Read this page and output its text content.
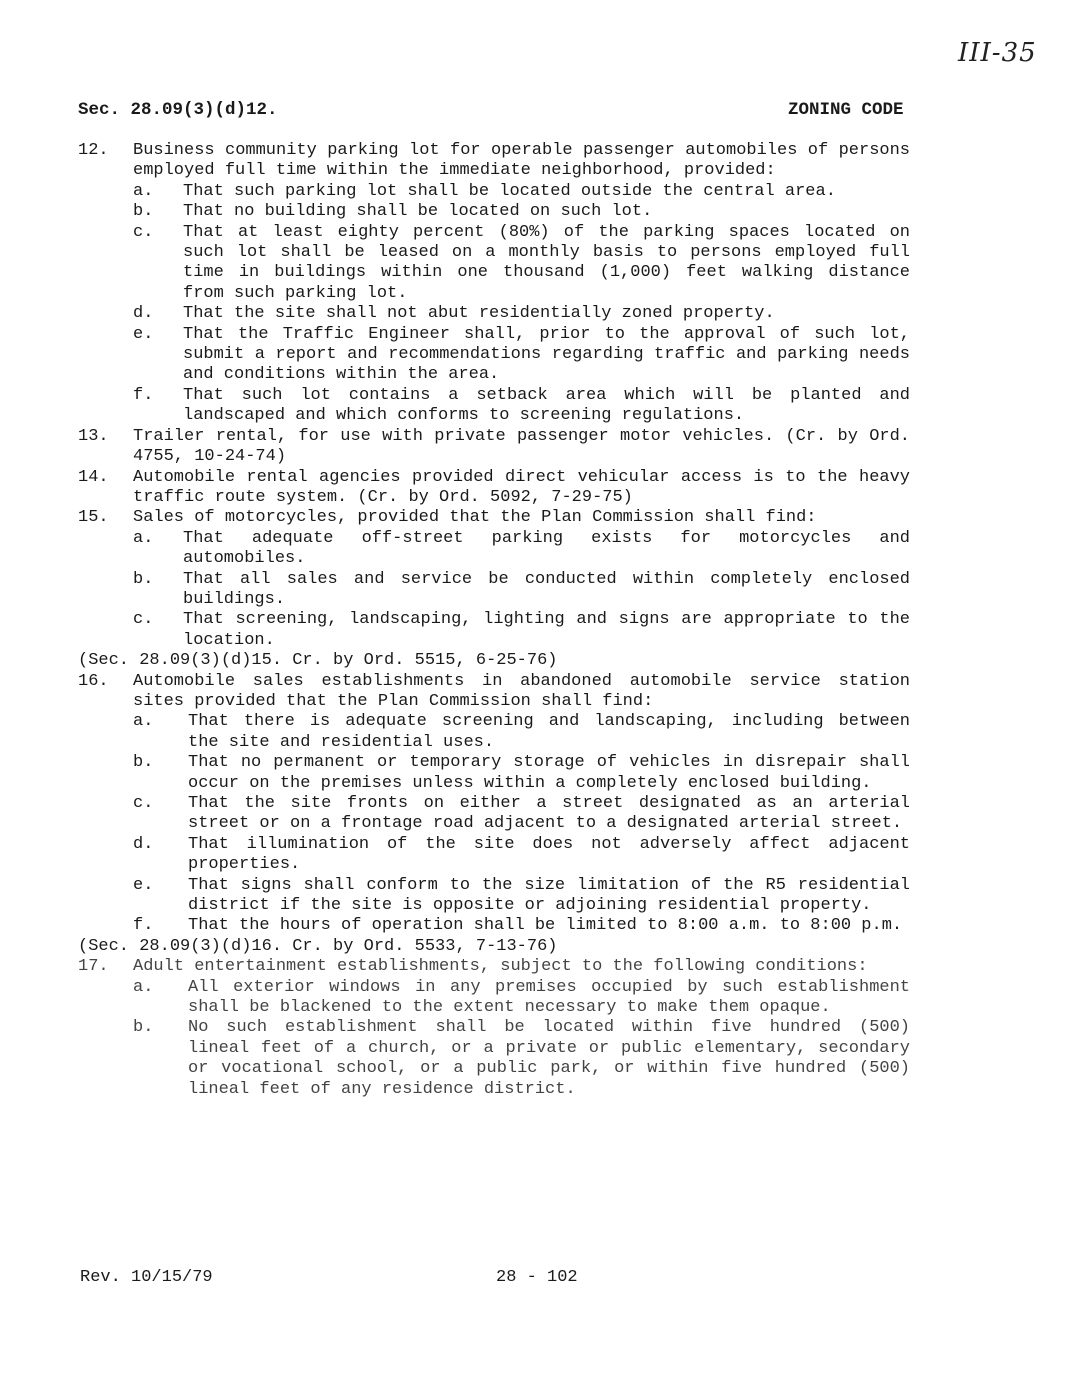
III-35
Sec. 28.09(3)(d)12.	ZONING CODE
12.	Business community parking lot for operable passenger automobiles of persons employed full time within the immediate neighborhood, provided:
a.	That such parking lot shall be located outside the central area.
b.	That no building shall be located on such lot.
c.	That at least eighty percent (80%) of the parking spaces located on such lot shall be leased on a monthly basis to persons employed full time in buildings within one thousand (1,000) feet walking distance from such parking lot.
d.	That the site shall not abut residentially zoned property.
e.	That the Traffic Engineer shall, prior to the approval of such lot, submit a report and recommendations regarding traffic and parking needs and conditions within the area.
f.	That such lot contains a setback area which will be planted and landscaped and which conforms to screening regulations.
13.	Trailer rental, for use with private passenger motor vehicles. (Cr. by Ord. 4755, 10-24-74)
14.	Automobile rental agencies provided direct vehicular access is to the heavy traffic route system. (Cr. by Ord. 5092, 7-29-75)
15.	Sales of motorcycles, provided that the Plan Commission shall find:
a.	That adequate off-street parking exists for motorcycles and automobiles.
b.	That all sales and service be conducted within completely enclosed buildings.
c.	That screening, landscaping, lighting and signs are appropriate to the location.
(Sec. 28.09(3)(d)15. Cr. by Ord. 5515, 6-25-76)
16.	Automobile sales establishments in abandoned automobile service station sites provided that the Plan Commission shall find:
a.	That there is adequate screening and landscaping, including between the site and residential uses.
b.	That no permanent or temporary storage of vehicles in disrepair shall occur on the premises unless within a completely enclosed building.
c.	That the site fronts on either a street designated as an arterial street or on a frontage road adjacent to a designated arterial street.
d.	That illumination of the site does not adversely affect adjacent properties.
e.	That signs shall conform to the size limitation of the R5 residential district if the site is opposite or adjoining residential property.
f.	That the hours of operation shall be limited to 8:00 a.m. to 8:00 p.m.
(Sec. 28.09(3)(d)16. Cr. by Ord. 5533, 7-13-76)
17.	Adult entertainment establishments, subject to the following conditions:
a.	All exterior windows in any premises occupied by such establishment shall be blackened to the extent necessary to make them opaque.
b.	No such establishment shall be located within five hundred (500) lineal feet of a church, or a private or public elementary, secondary or vocational school, or a public park, or within five hundred (500) lineal feet of any residence district.
Rev. 10/15/79	28 - 102
